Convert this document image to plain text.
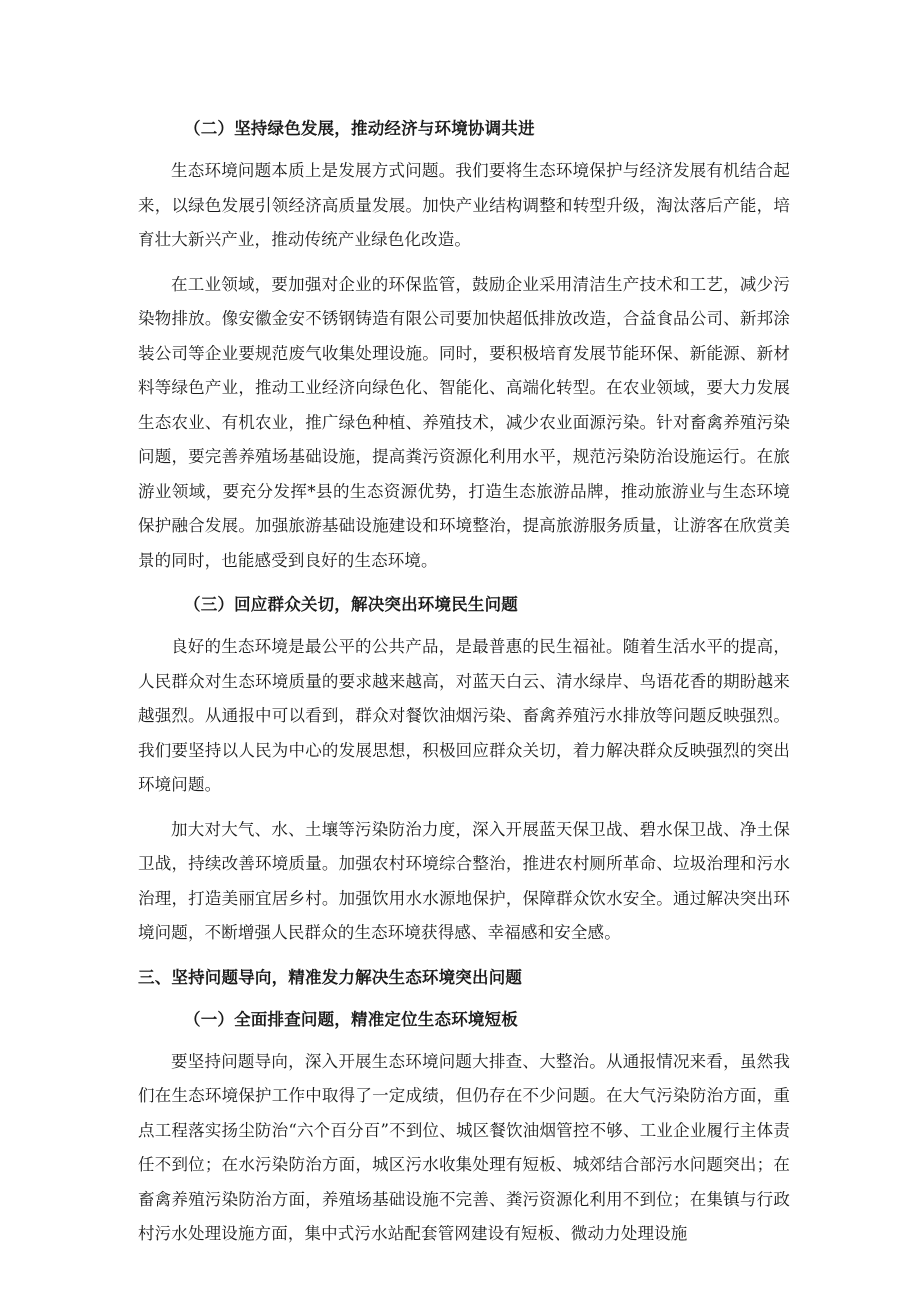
（二）坚持绿色发展，推动经济与环境协调共进

生态环境问题本质上是发展方式问题。我们要将生态环境保护与经济发展有机结合起来，以绿色发展引领经济高质量发展。加快产业结构调整和转型升级，淘汰落后产能，培育壮大新兴产业，推动传统产业绿色化改造。

在工业领域，要加强对企业的环保监管，鼓励企业采用清洁生产技术和工艺，减少污染物排放。像安徽金安不锈钢铸造有限公司要加快超低排放改造，合益食品公司、新邦涂装公司等企业要规范废气收集处理设施。同时，要积极培育发展节能环保、新能源、新材料等绿色产业，推动工业经济向绿色化、智能化、高端化转型。在农业领域，要大力发展生态农业、有机农业，推广绿色种植、养殖技术，减少农业面源污染。针对畜禽养殖污染问题，要完善养殖场基础设施，提高粪污资源化利用水平，规范污染防治设施运行。在旅游业领域，要充分发挥*县的生态资源优势，打造生态旅游品牌，推动旅游业与生态环境保护融合发展。加强旅游基础设施建设和环境整治，提高旅游服务质量，让游客在欣赏美景的同时，也能感受到良好的生态环境。

（三）回应群众关切，解决突出环境民生问题

良好的生态环境是最公平的公共产品，是最普惠的民生福祉。随着生活水平的提高，人民群众对生态环境质量的要求越来越高，对蓝天白云、清水绿岸、鸟语花香的期盼越来越强烈。从通报中可以看到，群众对餐饮油烟污染、畜禽养殖污水排放等问题反映强烈。我们要坚持以人民为中心的发展思想，积极回应群众关切，着力解决群众反映强烈的突出环境问题。

加大对大气、水、土壤等污染防治力度，深入开展蓝天保卫战、碧水保卫战、净土保卫战，持续改善环境质量。加强农村环境综合整治，推进农村厕所革命、垃圾治理和污水治理，打造美丽宜居乡村。加强饮用水水源地保护，保障群众饮水安全。通过解决突出环境问题，不断增强人民群众的生态环境获得感、幸福感和安全感。

三、坚持问题导向，精准发力解决生态环境突出问题
（一）全面排查问题，精准定位生态环境短板

要坚持问题导向，深入开展生态环境问题大排查、大整治。从通报情况来看，虽然我们在生态环境保护工作中取得了一定成绩，但仍存在不少问题。在大气污染防治方面，重点工程落实扬尘防治“六个百分百”不到位、城区餐饮油烟管控不够、工业企业履行主体责任不到位；在水污染防治方面，城区污水收集处理有短板、城郊结合部污水问题突出；在畜禽养殖污染防治方面，养殖场基础设施不完善、粪污资源化利用不到位；在集镇与行政村污水处理设施方面，集中式污水站配套管网建设有短板、微动力处理设施
